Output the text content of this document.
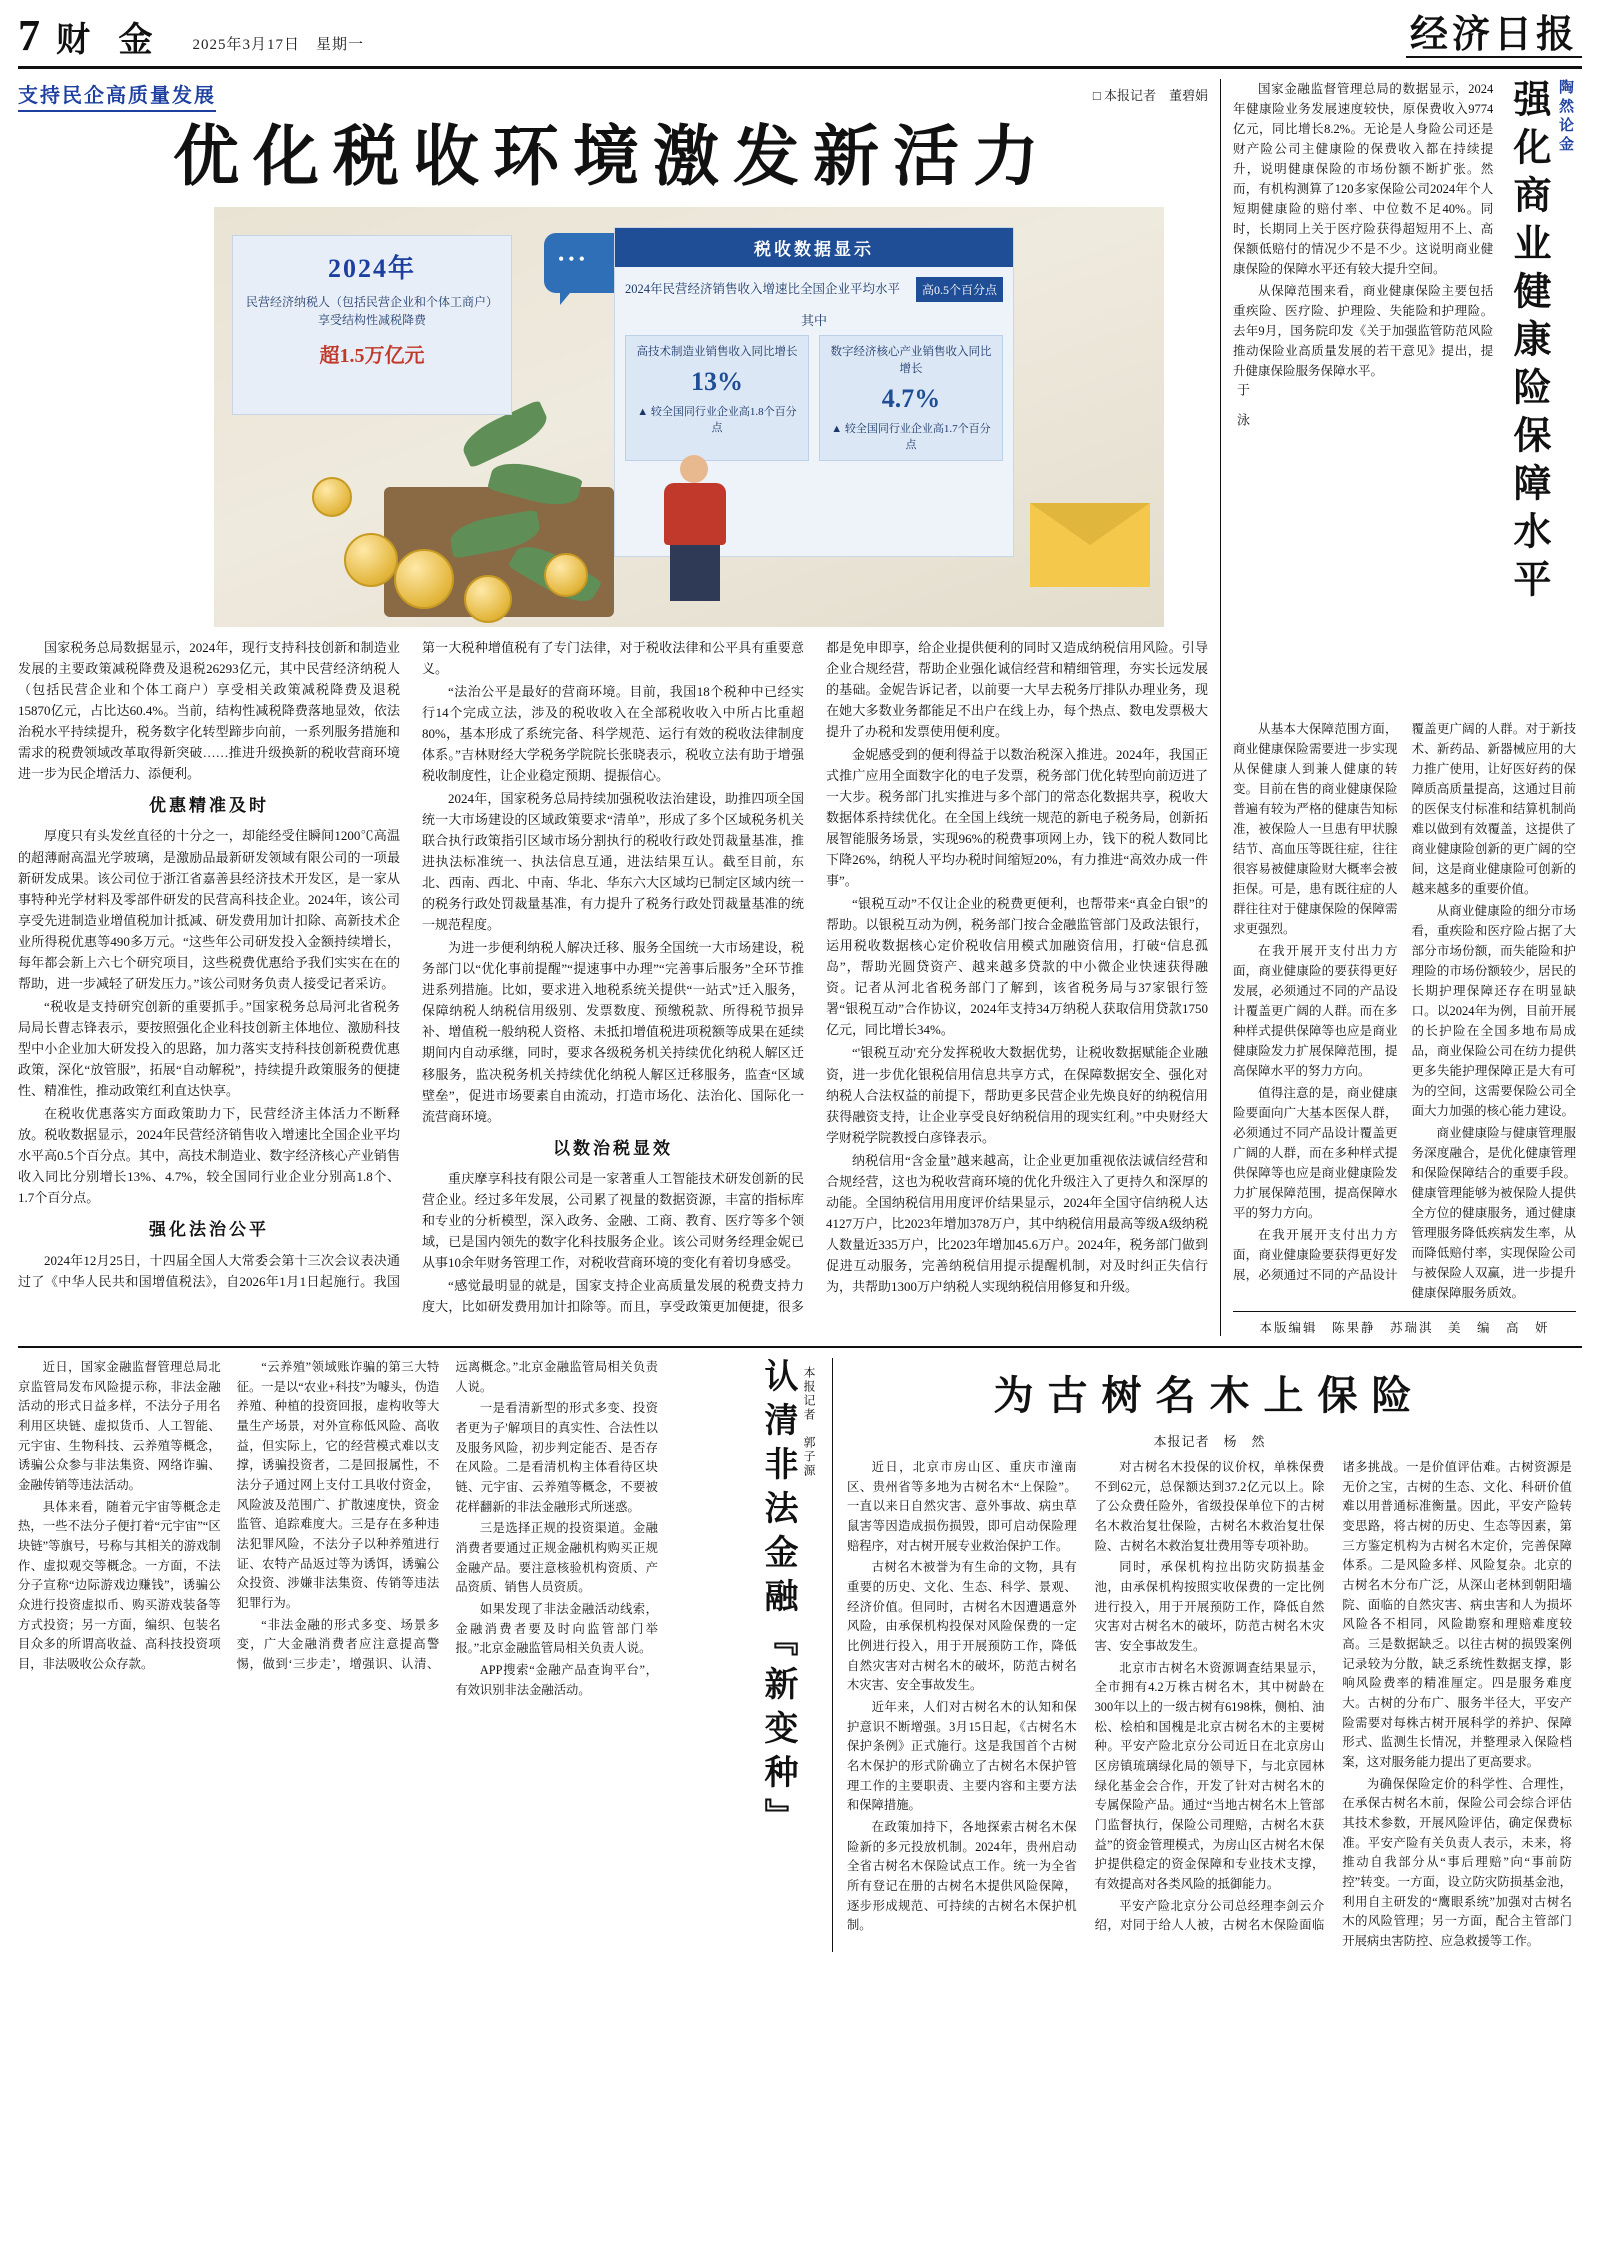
7 财 金 2025年3月17日　星期一	经济日报
支持民企高质量发展	□ 本报记者　董碧娟
优化税收环境激发新活力
2024年
民营经济纳税人（包括民营企业和个体工商户）享受结构性减税降费
超1.5万亿元
•••	税收数据显示
2024年民营经济销售收入增速比全国企业平均水平	高0.5个百分点
其中
高技术制造业销售收入同比增长
13%
▲ 较全国同行业企业高1.8个百分点
数字经济核心产业销售收入同比增长
4.7%
▲ 较全国同行业企业高1.7个百分点

国家税务总局数据显示，2024年，现行支持科技创新和制造业发展的主要政策减税降费及退税26293亿元，其中民营经济纳税人（包括民营企业和个体工商户）享受相关政策减税降费及退税15870亿元，占比达60.4%。当前，结构性减税降费落地显效，依法治税水平持续提升，税务数字化转型蹄步向前，一系列服务措施和需求的税费领域改革取得新突破……推进升级换新的税收营商环境进一步为民企增活力、添便利。

优惠精准及时

厚度只有头发丝直径的十分之一，却能经受住瞬间1200℃高温的超薄耐高温光学玻璃，是激励品最新研发领域有限公司的一项最新研发成果。该公司位于浙江省嘉善县经济技术开发区，是一家从事特种光学材料及零部件研发的民营高科技企业。2024年，该公司享受先进制造业增值税加计抵减、研发费用加计扣除、高新技术企业所得税优惠等490多万元。“这些年公司研发投入金额持续增长，每年都会新上六七个研究项目，这些税费优惠给予我们实实在在的帮助，进一步减轻了研发压力。”该公司财务负责人接受记者采访。

“税收是支持研究创新的重要抓手。”国家税务总局河北省税务局局长曹志锋表示，要按照强化企业科技创新主体地位、激励科技型中小企业加大研发投入的思路，加力落实支持科技创新税费优惠政策，深化“放管服”，拓展“自动解税”，持续提升政策服务的便捷性、精准性，推动政策红利直达快享。

在税收优惠落实方面政策助力下，民营经济主体活力不断释放。税收数据显示，2024年民营经济销售收入增速比全国企业平均水平高0.5个百分点。其中，高技术制造业、数字经济核心产业销售收入同比分别增长13%、4.7%，较全国同行业企业分别高1.8个、1.7个百分点。

强化法治公平

2024年12月25日，十四届全国人大常委会第十三次会议表决通过了《中华人民共和国增值税法》，自2026年1月1日起施行。我国第一大税种增值税有了专门法律，对于税收法律和公平具有重要意义。

“法治公平是最好的营商环境。目前，我国18个税种中已经实行14个完成立法，涉及的税收收入在全部税收收入中所占比重超80%，基本形成了系统完备、科学规范、运行有效的税收法律制度体系。”吉林财经大学税务学院院长张晓表示，税收立法有助于增强税收制度性，让企业稳定预期、提振信心。

2024年，国家税务总局持续加强税收法治建设，助推四项全国统一大市场建设的区域政策要求“清单”，形成了多个区域税务机关联合执行政策指引区域市场分割执行的税收行政处罚裁量基准，推进执法标准统一、执法信息互通，进法结果互认。截至目前，东北、西南、西北、中南、华北、华东六大区域均已制定区域内统一的税务行政处罚裁量基准，有力提升了税务行政处罚裁量基准的统一规范程度。

为进一步便利纳税人解决迁移、服务全国统一大市场建设，税务部门以“优化事前提醒”“提速事中办理”“完善事后服务”全环节推进系列措施。比如，要求进入地税系统关提供“一站式”迁入服务，保障纳税人纳税信用级别、发票数度、预缴税款、所得税节损异补、增值税一般纳税人资格、未抵扣增值税进项税额等成果在延续期间内自动承继，同时，要求各级税务机关持续优化纳税人解区迁移服务，监决税务机关持续优化纳税人解区迁移服务，监查“区域壁垒”，促进市场要素自由流动，打造市场化、法治化、国际化一流营商环境。

以数治税显效

重庆摩享科技有限公司是一家著重人工智能技术研发创新的民营企业。经过多年发展，公司累了视量的数据资源，丰富的指标库和专业的分析模型，深入政务、金融、工商、教育、医疗等多个领域，已是国内领先的数字化科技服务企业。该公司财务经理金妮已从事10余年财务管理工作，对税收营商环境的变化有着切身感受。

“感觉最明显的就是，国家支持企业高质量发展的税费支持力度大，比如研发费用加计扣除等。而且，享受政策更加便捷，很多都是免申即享，给企业提供便利的同时又造成纳税信用风险。引导企业合规经营，帮助企业强化诚信经营和精细管理，夯实长远发展的基础。金妮告诉记者，以前要一大早去税务厅排队办理业务，现在她大多数业务都能足不出户在线上办，每个热点、数电发票极大提升了办税和发票使用便利度。

金妮感受到的便利得益于以数治税深入推进。2024年，我国正式推广应用全面数字化的电子发票，税务部门优化转型向前迈进了一大步。税务部门扎实推进与多个部门的常态化数据共享，税收大数据体系持续优化。在全国上线统一规范的新电子税务局，创新拓展智能服务场景，实现96%的税费事项网上办，钱下的税人数同比下降26%，纳税人平均办税时间缩短20%，有力推进“高效办成一件事”。

“银税互动”不仅让企业的税费更便利，也帮带来“真金白银”的帮助。以银税互动为例，税务部门按合金融监管部门及政法银行，运用税收数据核心定价税收信用模式加融资信用，打破“信息孤岛”，帮助光圆贷资产、越来越多贷款的中小微企业快速获得融资。记者从河北省税务部门了解到，该省税务局与37家银行签署“银税互动”合作协议，2024年支持34万纳税人获取信用贷款1750亿元，同比增长34%。

“'银税互动'充分发挥税收大数据优势，让税收数据赋能企业融资，进一步优化银税信用信息共享方式，在保障数据安全、强化对纳税人合法权益的前提下，帮助更多民营企业先焕良好的纳税信用获得融资支持，让企业享受良好纳税信用的现实红利。”中央财经大学财税学院教授白彦锋表示。

纳税信用“含金量”越来越高，让企业更加重视依法诚信经营和合规经营，这也为税收营商环境的优化升级注入了更持久和深厚的动能。全国纳税信用用度评价结果显示，2024年全国守信纳税人达4127万户，比2023年增加378万户，其中纳税信用最高等级A级纳税人数量近335万户，比2023年增加45.6万户。2024年，税务部门做到促进互动服务，完善纳税信用提示提醒机制，对及时纠正失信行为，共帮助1300万户纳税人实现纳税信用修复和升级。

国家金融监督管理总局的数据显示，2024年健康险业务发展速度较快，原保费收入9774亿元，同比增长8.2%。无论是人身险公司还是财产险公司主健康险的保费收入都在持续提升，说明健康保险的市场份额不断扩张。然而，有机构测算了120多家保险公司2024年个人短期健康险的赔付率、中位数不足40%。同时，长期同上关于医疗险获得超短用不上、高保额低赔付的情况少不是不少。这说明商业健康保险的保障水平还有较大提升空间。

从保障范围来看，商业健康保险主要包括重疾险、医疗险、护理险、失能险和护理险。去年9月，国务院印发《关于加强监管防范风险推动保险业高质量发展的若干意见》提出，提升健康保险服务保障水平。

于　泳	强化商业健康险保障水平 陶然论金

从基本大保障范围方面，商业健康保险需要进一步实现从保健康人到兼人健康的转变。目前在售的商业健康保险普遍有较为严格的健康告知标准，被保险人一旦患有甲状腺结节、高血压等既往症，往往很容易被健康险财大概率会被拒保。可是，患有既往症的人群往往对于健康保险的保障需求更强烈。

在我开展开支付出力方面，商业健康险的要获得更好发展，必须通过不同的产品设计覆盖更广阔的人群。而在多种样式提供保障等也应是商业健康险发力扩展保障范围，提高保障水平的努力方向。

值得注意的是，商业健康险要面向广大基本医保人群，必须通过不同产品设计覆盖更广阔的人群，而在多种样式提供保障等也应是商业健康险发力扩展保障范围，提高保障水平的努力方向。

在我开展开支付出力方面，商业健康险要获得更好发展，必须通过不同的产品设计覆盖更广阔的人群。对于新技术、新药品、新器械应用的大力推广使用，让好医好药的保障质高质量提高，这通过目前的医保支付标准和结算机制尚难以做到有效覆盖，这提供了商业健康险创新的更广阔的空间，这是商业健康险可创新的越来越多的重要价值。

从商业健康险的细分市场看，重疾险和医疗险占据了大部分市场份额，而失能险和护理险的市场份额较少，居民的长期护理保障还存在明显缺口。以2024年为例，目前开展的长护险在全国多地布局成品，商业保险公司在纺力提供更多失能护理保障正是大有可为的空间，这需要保险公司全面大力加强的核心能力建设。

商业健康险与健康管理服务深度融合，是优化健康管理和保险保障结合的重要手段。健康管理能够为被保险人提供全方位的健康服务，通过健康管理服务降低疾病发生率，从而降低赔付率，实现保险公司与被保险人双赢，进一步提升健康保障服务质效。

本版编辑　陈果静　苏瑞淇　美　编　高　妍

近日，国家金融监督管理总局北京监管局发布风险提示称，非法金融活动的形式日益多样，不法分子用名利用区块链、虚拟货币、人工智能、元宇宙、生物科技、云养殖等概念，诱骗公众参与非法集资、网络诈骗、金融传销等违法活动。

具体来看，随着元宇宙等概念走热，一些不法分子便打着“元宇宙”“区块链”等旗号，号称与其相关的游戏制作、虚拟观交等概念。一方面，不法分子宣称“边际游戏边赚钱”，诱骗公众进行投资虚拟币、购买游戏装备等方式投资；另一方面，编织、包装名目众多的所谓高收益、高科技投资项目，非法吸收公众存款。

“云养殖”领域账诈骗的第三大特征。一是以“农业+科技”为噱头，伪造养殖、种植的投资回报，虚构收等大量生产场景，对外宣称低风险、高收益，但实际上，它的经营模式难以支撑，诱骗投资者，二是回报属性，不法分子通过网上支付工具收付资金，风险波及范围广、扩散速度快，资金监管、追踪难度大。三是存在多种违法犯罪风险，不法分子以种养殖进行证、农特产品返过等为诱饵，诱骗公众投资、涉嫌非法集资、传销等违法犯罪行为。

“非法金融的形式多变、场景多变，广大金融消费者应注意提高警惕，做到‘三步走’，增强识、认清、远离概念。”北京金融监管局相关负责人说。

一是看清新型的形式多变、投资者更为子'解项目的真实性、合法性以及服务风险，初步判定能否、是否存在风险。二是看清机构主体看待区块链、元宇宙、云养殖等概念，不要被花样翻新的非法金融形式所迷惑。

三是选择正规的投资渠道。金融消费者要通过正规金融机构购买正规金融产品。要注意核验机构资质、产品资质、销售人员资质。

如果发现了非法金融活动线索，金融消费者要及时向监管部门举报。”北京金融监管局相关负责人说。

APP搜索“金融产品查询平台”，有效识别非法金融活动。	认清非法金融『新变种』 本报记者　郭子源	为古树名木上保险
本报记者　杨　然

近日，北京市房山区、重庆市潼南区、贵州省等多地为古树名木“上保险”。一直以来日自然灾害、意外事故、病虫草鼠害等因造成损伤损毁，即可启动保险理赔程序，对古树开展专业救治保护工作。

古树名木被誉为有生命的文物，具有重要的历史、文化、生态、科学、景观、经济价值。但同时，古树名木因遭遇意外风险，由承保机构投保对风险保费的一定比例进行投入，用于开展预防工作，降低自然灾害对古树名木的破坏，防范古树名木灾害、安全事故发生。

近年来，人们对古树名木的认知和保护意识不断增强。3月15日起，《古树名木保护条例》正式施行。这是我国首个古树名木保护的形式阶确立了古树名木保护管理工作的主要职责、主要内容和主要方法和保障措施。

在政策加持下，各地探索古树名木保险新的多元投放机制。2024年，贵州启动全省古树名木保险试点工作。统一为全省所有登记在册的古树名木提供风险保障，逐步形成规范、可持续的古树名木保护机制。

对古树名木投保的议价权，单株保费不到62元，总保额达到37.2亿元以上。除了公众费任险外，省级投保单位下的古树名木救治复壮保险，古树名木救治复壮保险、古树名木救治复壮费用等专项补助。

同时，承保机构拉出防灾防损基金池，由承保机构按照实收保费的一定比例进行投入，用于开展预防工作，降低自然灾害对古树名木的破坏，防范古树名木灾害、安全事故发生。

北京市古树名木资源调查结果显示，全市拥有4.2万株古树名木，其中树龄在300年以上的一级古树有6198株，侧柏、油松、桧柏和国槐是北京古树名木的主要树种。平安产险北京分公司近日在北京房山区房镇琉璃绿化局的领导下，与北京园林绿化基金会合作，开发了针对古树名木的专属保险产品。通过“当地古树名木上管部门监督执行，保险公司理赔，古树名木获益”的资金管理模式，为房山区古树名木保护提供稳定的资金保障和专业技术支撑，有效提高对各类风险的抵御能力。

平安产险北京分公司总经理李剑云介绍，对同于给人人被，古树名木保险面临诸多挑战。一是价值评估难。古树资源是无价之宝，古树的生态、文化、科研价值难以用普通标准衡量。因此，平安产险转变思路，将古树的历史、生态等因素，第三方鉴定机构为古树名木定价，完善保障体系。二是风险多样、风险复杂。北京的古树名木分布广泛，从深山老林到朝阳墙院、面临的自然灾害、病虫害和人为损坏风险各不相同，风险勘察和理赔难度较高。三是数据缺乏。以往古树的损毁案例记录较为分散，缺乏系统性数据支撑，影响风险费率的精准厘定。四是服务难度大。古树的分布广、服务半径大，平安产险需要对每株古树开展科学的养护、保障形式、监测生长情况，并整理录入保险档案，这对服务能力提出了更高要求。

为确保保险定价的科学性、合理性，在承保古树名木前，保险公司会综合评估其技术参数，开展风险评估，确定保费标准。平安产险有关负责人表示，未来，将推动自我部分从“事后理赔”向“事前防控”转变。一方面，设立防灾防损基金池，利用自主研发的“鹰眼系统”加强对古树名木的风险管理；另一方面，配合主管部门开展病虫害防控、应急救援等工作。
